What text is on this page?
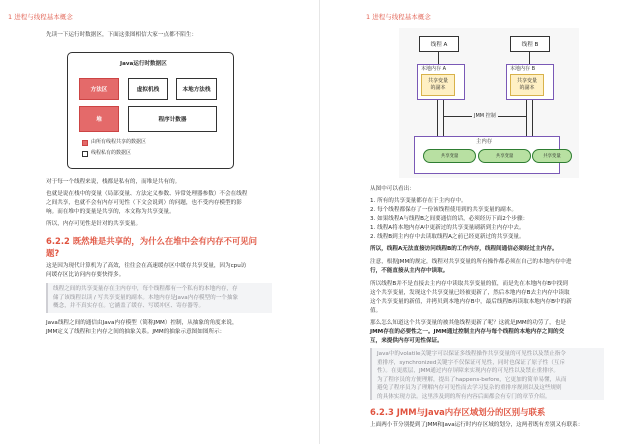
1 进程与线程基本概念
先读一下运行时数据区，下面这张图相信大家一点都不陌生：
Java运行时数据区
方法区	虚拟机栈	本地方法栈
堆	程序计数器
由所有线程共享的数据区
线程私有的数据区
对于每一个线程来说，栈都是私有的，而堆是共有的。
也就是说在栈中的变量（局部变量、方法定义参数、异常处理器参数）不会在线程
之间共享，也就不会有内存可见性（下文会说到）的问题，也不受内存模型的影
响。而在堆中的变量是共享的，本文称为共享变量。
所以，内存可见性是针对的共享变量。
6.2.2 既然堆是共享的，为什么在堆中会有内存不可见问
题?
这是因为现代计算机为了高效，往往会在高速缓存区中缓存共享变量，因为cpu访
问缓存区比访问内存要快得多。
线程之间的共享变量存在主内存中，每个线程都有一个私有的本地内存，存
储了该线程以读 / 写共享变量的副本。本地内存是Java内存模型的一个抽象
概念，并不真实存在。它涵盖了缓存、写缓冲区、寄存器等。
Java线程之间的通信由Java内存模型（简称JMM）控制，从抽象的角度来说，
JMM定义了线程和主内存之间的抽象关系。JMM的抽象示意图如图所示：
1 进程与线程基本概念
线程 A	线程 B
本地内存 A	本地内存 B
共享变量
的副本
共享变量
的副本
JMM 控制
主内存
共享变量	共享变量	共享变量
从图中可以看出：
1. 所有的共享变量都存在于主内存中。
2. 每个线程都保存了一份该线程使用到的共享变量的副本。
3. 如果线程A与线程B之间要通信的话，必须经历下面2个步骤：
1. 线程A将本地内存A中更新过的共享变量刷新到主内存中去。
2. 线程B到主内存中去读取线程A之前已经更新过的共享变量。
所以，线程A无法直接访问线程B的工作内存，线程间通信必须经过主内存。
注意，根据JMM的规定，线程对共享变量的所有操作都必须在自己的本地内存中进
行，不能直接从主内存中读取。
所以线程B并不是直接去主内存中读取共享变量的值，而是先在本地内存B中找到
这个共享变量，发现这个共享变量已经被更新了，然后本地内存B去主内存中读取
这个共享变量的新值，并拷贝到本地内存B中，最后线程B再读取本地内存B中的新
值。
那么怎么知道这个共享变量的被其他线程更新了呢？这就是JMM的功劳了，也是
JMM存在的必要性之一。JMM通过控制主内存与每个线程的本地内存之间的交
互，来提供内存可见性保证。
Java中的volatile关键字可以保证多线程操作共享变量的可见性以及禁止指令
重排序，synchronized关键字不仅保证可见性，同时也保证了原子性（互斥
性）。在更底层，JMM通过内存屏障来实现内存的可见性以及禁止重排序。
为了程序员的方便理解，提出了happens-before，它更加的简单易懂，从而
避免了程序员为了理解内存可见性而去学习复杂的重排序规则以及这些规则
的具体实现方法。这里涉及到的所有内容后面都会有专门的章节介绍。
6.2.3 JMM与Java内存区域划分的区别与联系
上面两小节分别提到了JMM和Java运行时内存区域的划分，这两者既有差别又有联系：
